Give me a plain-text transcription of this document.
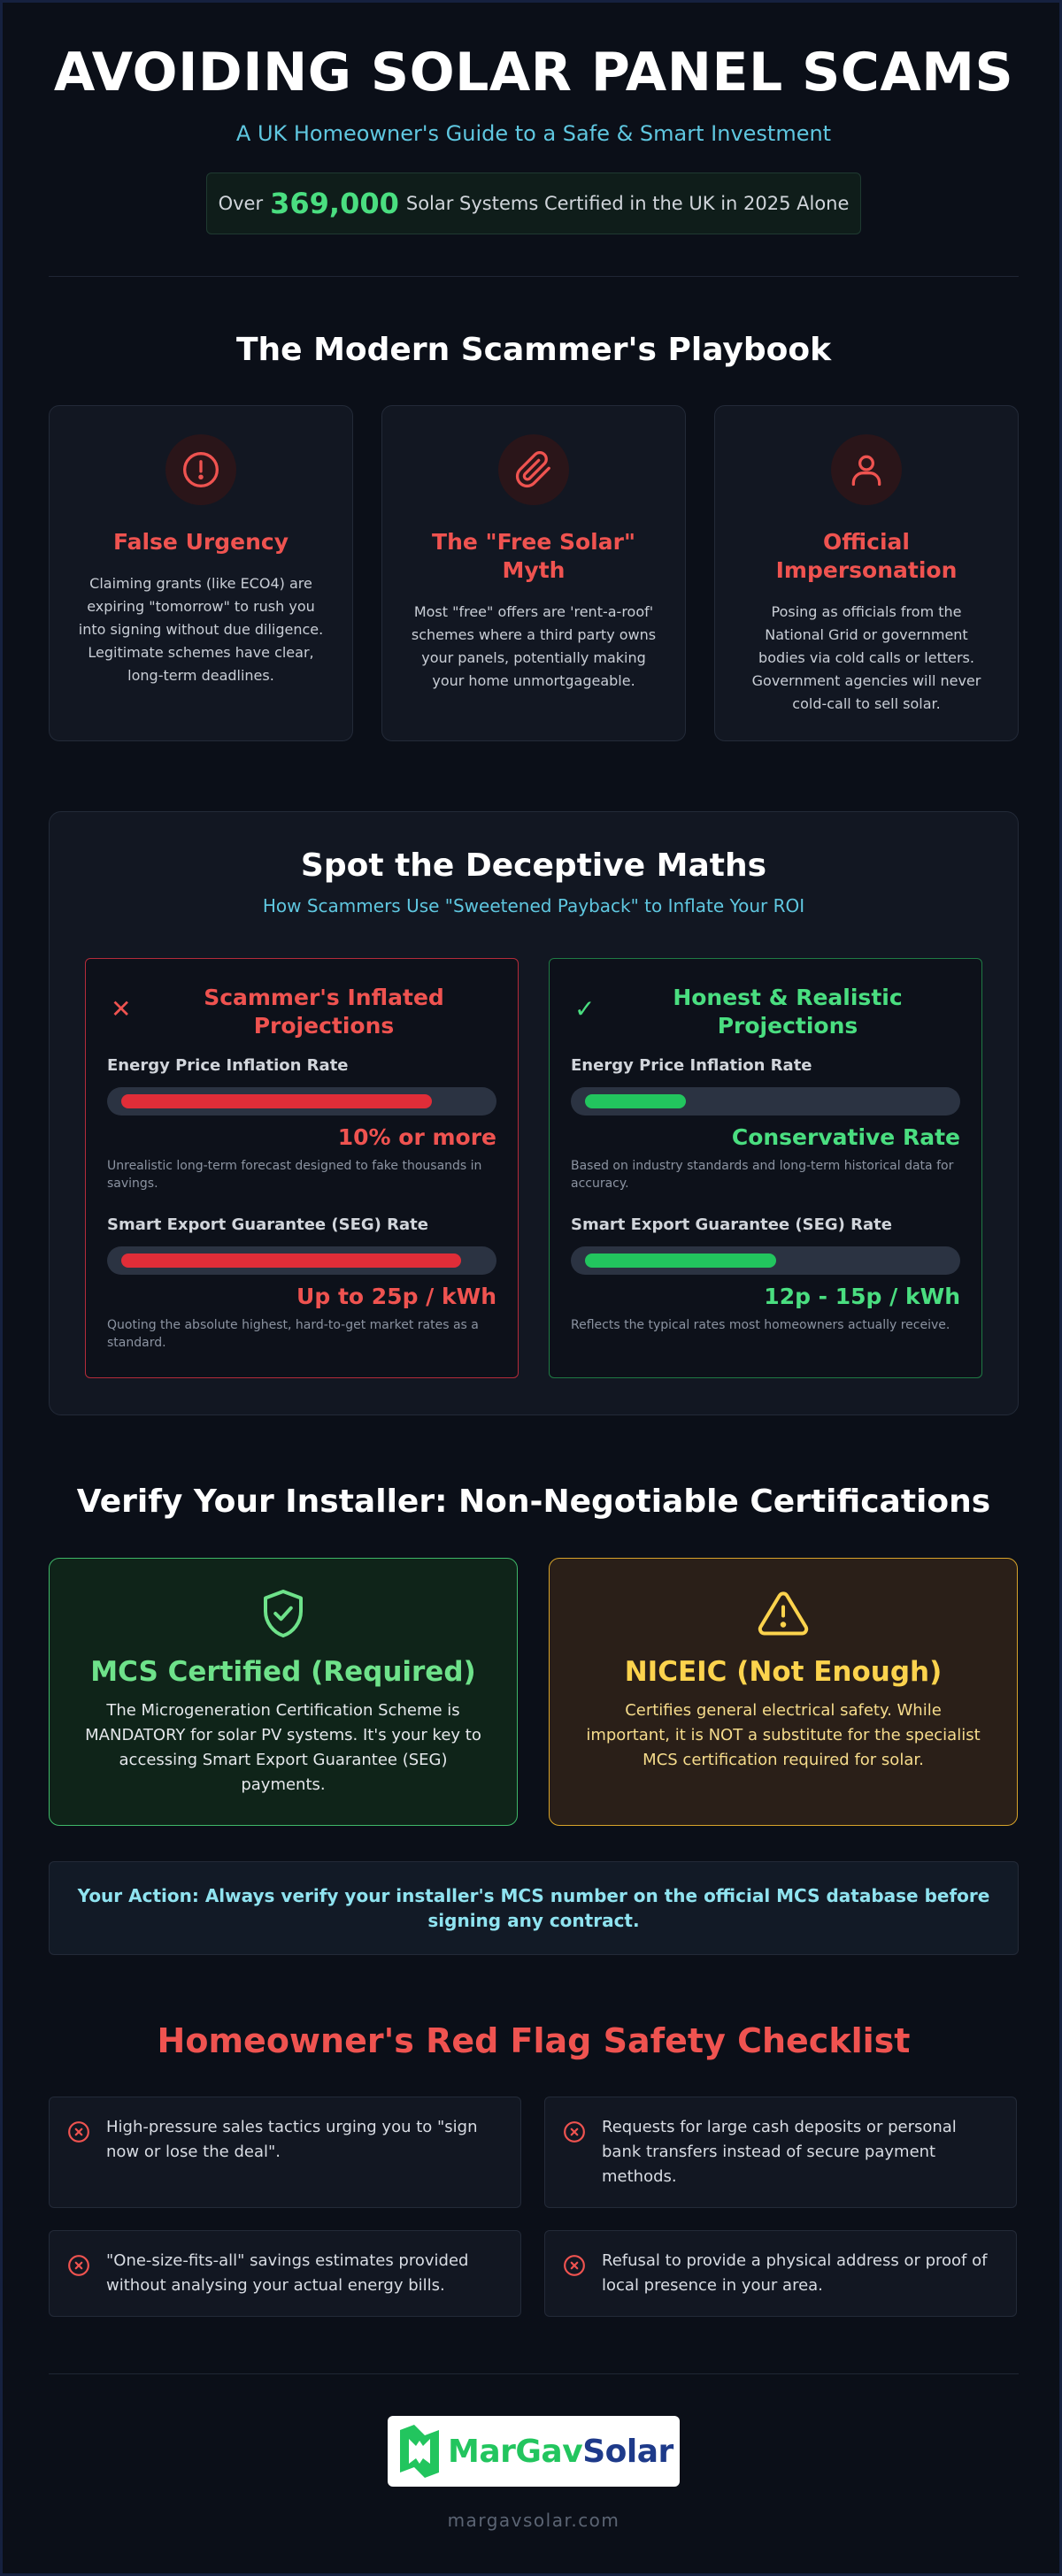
AVOIDING SOLAR PANEL SCAMS
A UK Homeowner's Guide to a Safe & Smart Investment
Over 369,000 Solar Systems Certified in the UK in 2025 Alone
The Modern Scammer's Playbook
False Urgency

Claiming grants (like ECO4) are expiring "tomorrow" to rush you into signing without due diligence. Legitimate schemes have clear, long-term deadlines.

The "Free Solar" Myth

Most "free" offers are 'rent-a-roof' schemes where a third party owns your panels, potentially making your home unmortgageable.

Official Impersonation

Posing as officials from the National Grid or government bodies via cold calls or letters. Government agencies will never cold-call to sell solar.

Spot the Deceptive Maths
How Scammers Use "Sweetened Payback" to Inflate Your ROI
✕	Scammer's Inflated Projections
Energy Price Inflation Rate
10% or more
Unrealistic long-term forecast designed to fake thousands in savings.
Smart Export Guarantee (SEG) Rate
Up to 25p / kWh
Quoting the absolute highest, hard-to-get market rates as a standard.
✓	Honest & Realistic Projections
Energy Price Inflation Rate
Conservative Rate
Based on industry standards and long-term historical data for accuracy.
Smart Export Guarantee (SEG) Rate
12p - 15p / kWh
Reflects the typical rates most homeowners actually receive.
Verify Your Installer: Non-Negotiable Certifications
MCS Certified (Required)

The Microgeneration Certification Scheme is MANDATORY for solar PV systems. It's your key to accessing Smart Export Guarantee (SEG) payments.

NICEIC (Not Enough)

Certifies general electrical safety. While important, it is NOT a substitute for the specialist MCS certification required for solar.

Your Action: Always verify your installer's MCS number on the official MCS database before signing any contract.
Homeowner's Red Flag Safety Checklist
High-pressure sales tactics urging you to "sign now or lose the deal".
Requests for large cash deposits or personal bank transfers instead of secure payment methods.
"One-size-fits-all" savings estimates provided without analysing your actual energy bills.
Refusal to provide a physical address or proof of local presence in your area.
MarGavSolar
margavsolar.com
